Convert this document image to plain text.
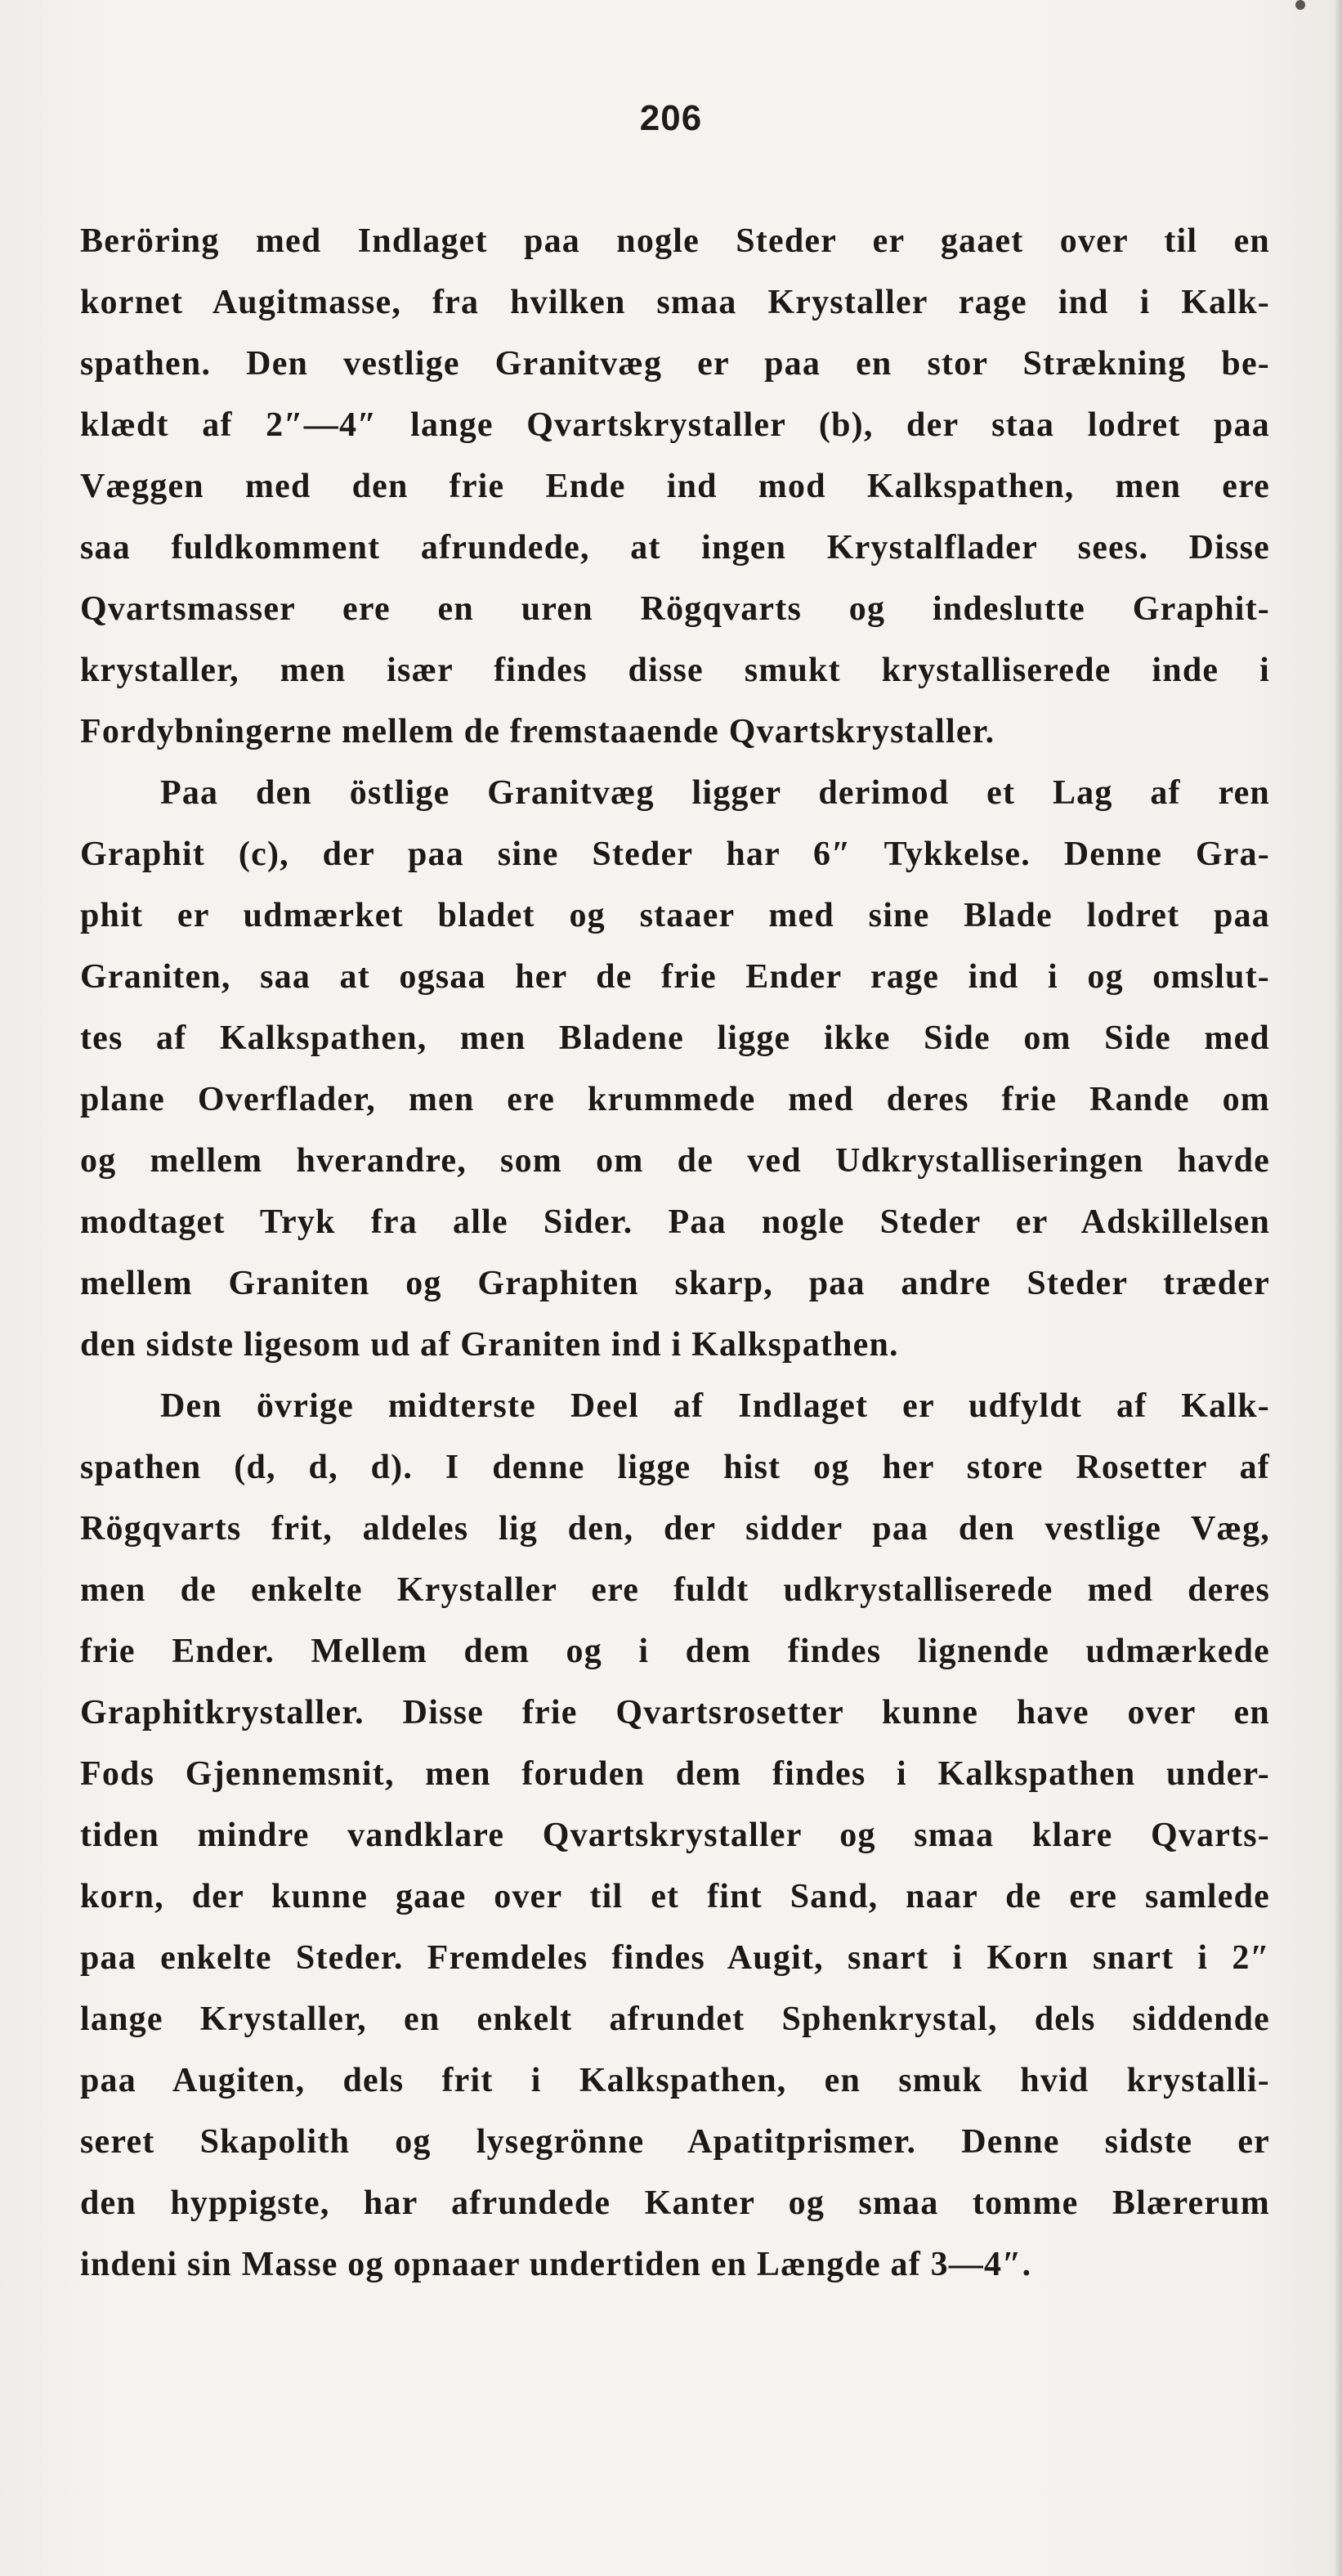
206
Beröring med Indlaget paa nogle Steder er gaaet over til en
kornet Augitmasse, fra hvilken smaa Krystaller rage ind i Kalk-
spathen. Den vestlige Granitvæg er paa en stor Strækning be-
klædt af 2″—4″ lange Qvartskrystaller (b), der staa lodret paa
Væggen med den frie Ende ind mod Kalkspathen, men ere
saa fuldkomment afrundede, at ingen Krystalflader sees. Disse
Qvartsmasser ere en uren Rögqvarts og indeslutte Graphit-
krystaller, men især findes disse smukt krystalliserede inde i
Fordybningerne mellem de fremstaaende Qvartskrystaller.
Paa den östlige Granitvæg ligger derimod et Lag af ren
Graphit (c), der paa sine Steder har 6″ Tykkelse. Denne Gra-
phit er udmærket bladet og staaer med sine Blade lodret paa
Graniten, saa at ogsaa her de frie Ender rage ind i og omslut-
tes af Kalkspathen, men Bladene ligge ikke Side om Side med
plane Overflader, men ere krummede med deres frie Rande om
og mellem hverandre, som om de ved Udkrystalliseringen havde
modtaget Tryk fra alle Sider. Paa nogle Steder er Adskillelsen
mellem Graniten og Graphiten skarp, paa andre Steder træder
den sidste ligesom ud af Graniten ind i Kalkspathen.
Den övrige midterste Deel af Indlaget er udfyldt af Kalk-
spathen (d, d, d). I denne ligge hist og her store Rosetter af
Rögqvarts frit, aldeles lig den, der sidder paa den vestlige Væg,
men de enkelte Krystaller ere fuldt udkrystalliserede med deres
frie Ender. Mellem dem og i dem findes lignende udmærkede
Graphitkrystaller. Disse frie Qvartsrosetter kunne have over en
Fods Gjennemsnit, men foruden dem findes i Kalkspathen under-
tiden mindre vandklare Qvartskrystaller og smaa klare Qvarts-
korn, der kunne gaae over til et fint Sand, naar de ere samlede
paa enkelte Steder. Fremdeles findes Augit, snart i Korn snart i 2″
lange Krystaller, en enkelt afrundet Sphenkrystal, dels siddende
paa Augiten, dels frit i Kalkspathen, en smuk hvid krystalli-
seret Skapolith og lysegrönne Apatitprismer. Denne sidste er
den hyppigste, har afrundede Kanter og smaa tomme Blærerum
indeni sin Masse og opnaaer undertiden en Længde af 3—4″.
